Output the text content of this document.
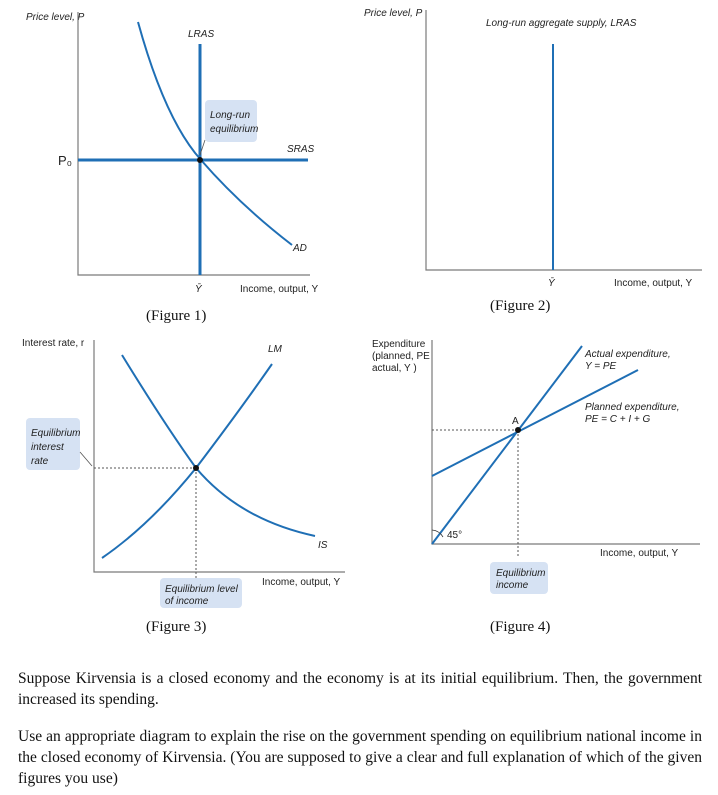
Price level, P
LRAS
P₀
Long-run
equilibrium
SRAS
AD
Ȳ	Income, output, Y
(Figure 1)
Price level, P
Long-run aggregate supply, LRAS
Ȳ	Income, output, Y
(Figure 2)
Interest rate, r
LM
IS
Equilibrium
interest
rate
Equilibrium level
of income
Income, output, Y
(Figure 3)
Expenditure
(planned, PE
actual, Y )
A
45°
Actual expenditure,
Y = PE
Planned expenditure,
PE = C + I + G
Equilibrium
income
Income, output, Y
(Figure 4)

Suppose Kirvensia is a closed economy and the economy is at its initial equilibrium. Then, the government increased its spending.

Use an appropriate diagram to explain the rise on the government spending on equilibrium national income in the closed economy of Kirvensia. (You are supposed to give a clear and full explanation of which of the given figures you use)
